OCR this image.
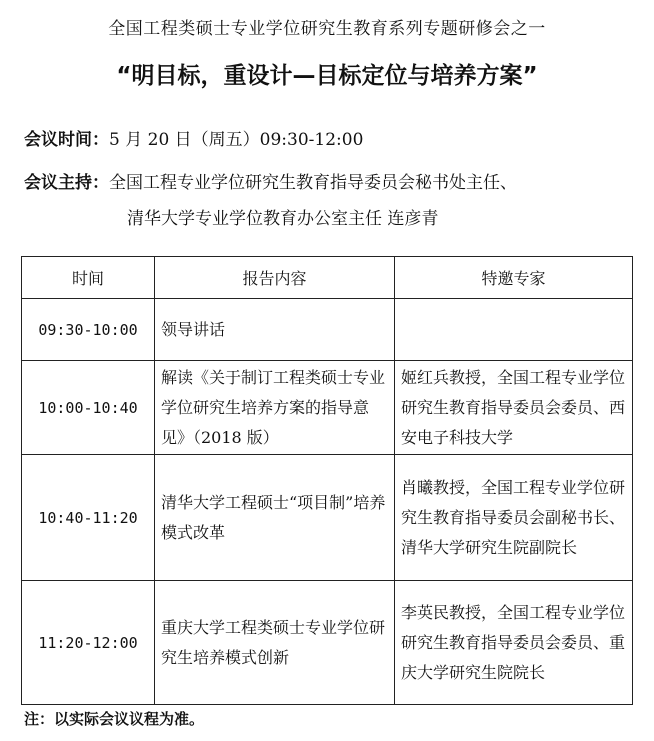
全国工程类硕士专业学位研究生教育系列专题研修会之一
“明目标，重设计—目标定位与培养方案”
会议时间：5 月 20 日（周五）09:30-12:00
会议主持：全国工程专业学位研究生教育指导委员会秘书处主任、
清华大学专业学位教育办公室主任 连彦青
时间	报告内容	特邀专家
09:30-10:00	领导讲话	
10:00-10:40	解读《关于制订工程类硕士专业学位研究生培养方案的指导意见》（2018 版）	姬红兵教授，全国工程专业学位研究生教育指导委员会委员、西安电子科技大学
10:40-11:20	清华大学工程硕士“项目制”培养模式改革	肖曦教授，全国工程专业学位研究生教育指导委员会副秘书长、清华大学研究生院副院长
11:20-12:00	重庆大学工程类硕士专业学位研究生培养模式创新	李英民教授，全国工程专业学位研究生教育指导委员会委员、重庆大学研究生院院长
注：以实际会议议程为准。
